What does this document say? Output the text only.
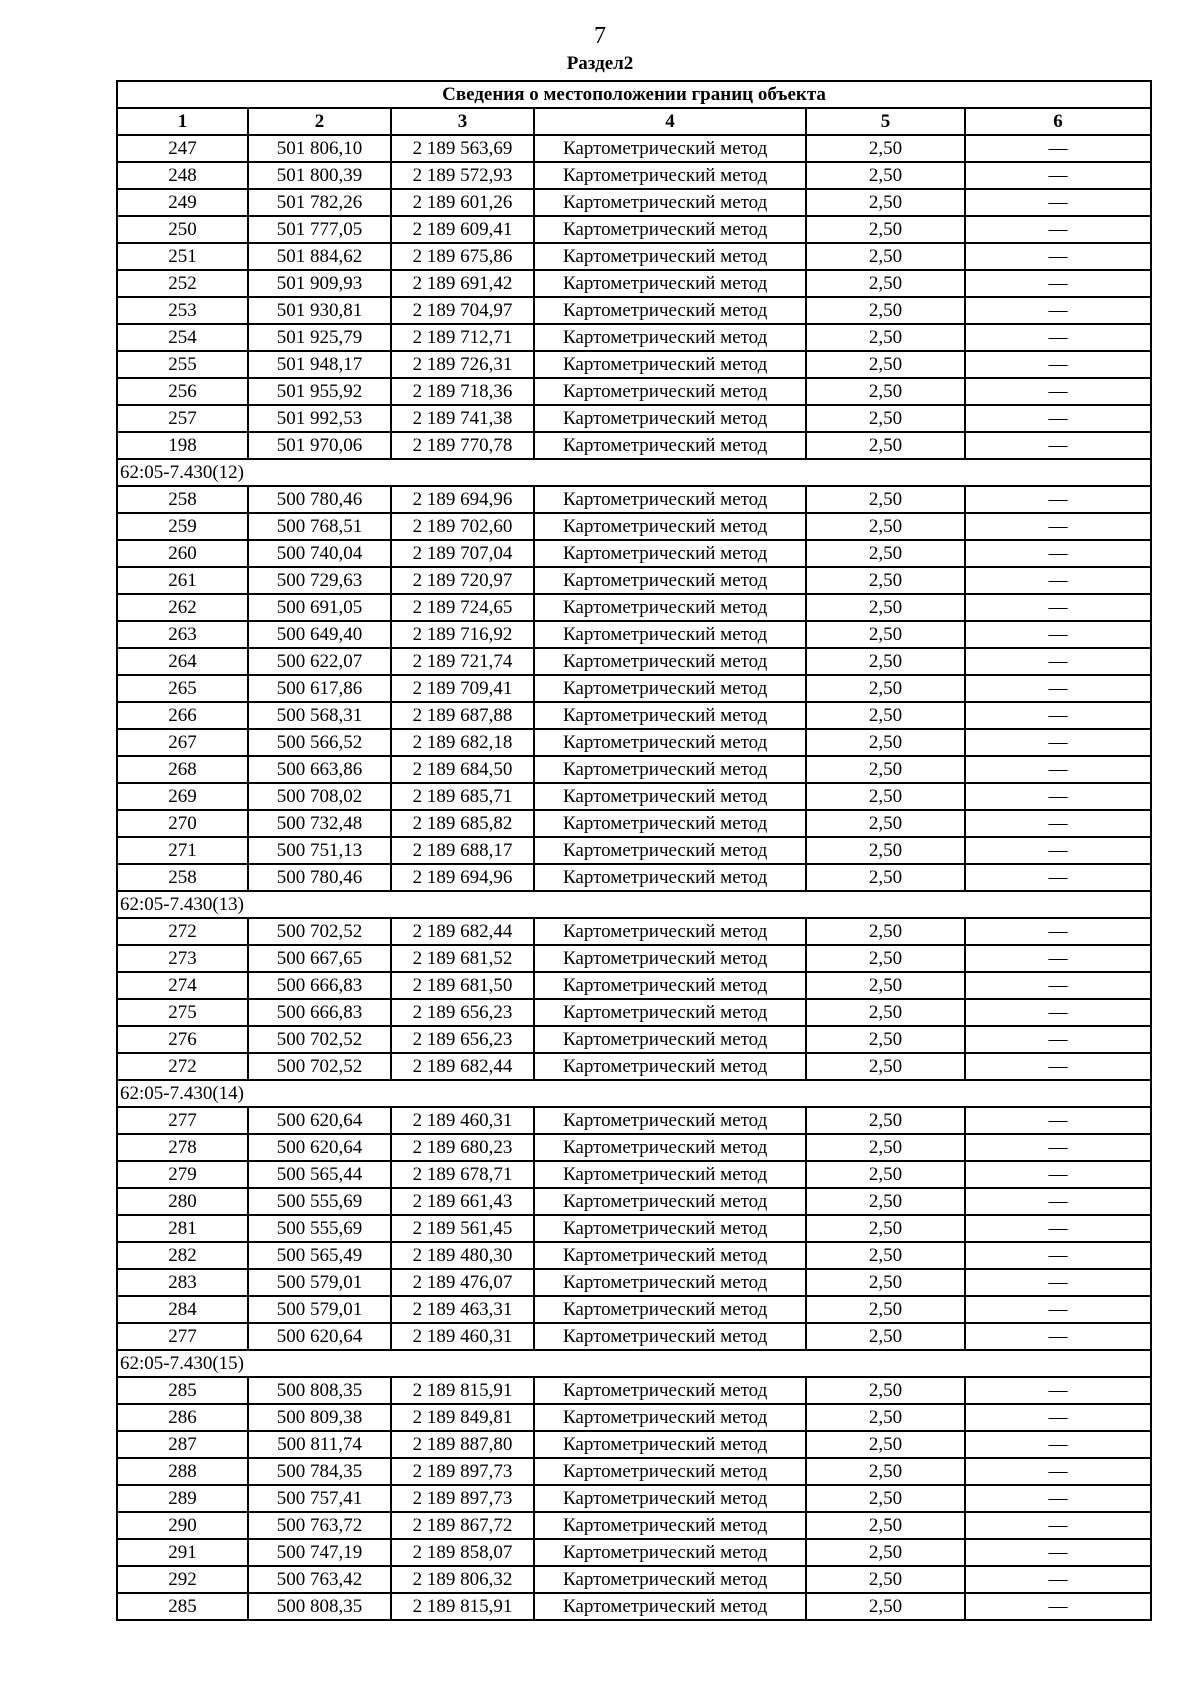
7
Раздел2
Сведения о местоположении границ объекта					
1	2	3	4	5	6
247	501 806,10	2 189 563,69	Картометрический метод	2,50	—
248	501 800,39	2 189 572,93	Картометрический метод	2,50	—
249	501 782,26	2 189 601,26	Картометрический метод	2,50	—
250	501 777,05	2 189 609,41	Картометрический метод	2,50	—
251	501 884,62	2 189 675,86	Картометрический метод	2,50	—
252	501 909,93	2 189 691,42	Картометрический метод	2,50	—
253	501 930,81	2 189 704,97	Картометрический метод	2,50	—
254	501 925,79	2 189 712,71	Картометрический метод	2,50	—
255	501 948,17	2 189 726,31	Картометрический метод	2,50	—
256	501 955,92	2 189 718,36	Картометрический метод	2,50	—
257	501 992,53	2 189 741,38	Картометрический метод	2,50	—
198	501 970,06	2 189 770,78	Картометрический метод	2,50	—
62:05-7.430(12)					
258	500 780,46	2 189 694,96	Картометрический метод	2,50	—
259	500 768,51	2 189 702,60	Картометрический метод	2,50	—
260	500 740,04	2 189 707,04	Картометрический метод	2,50	—
261	500 729,63	2 189 720,97	Картометрический метод	2,50	—
262	500 691,05	2 189 724,65	Картометрический метод	2,50	—
263	500 649,40	2 189 716,92	Картометрический метод	2,50	—
264	500 622,07	2 189 721,74	Картометрический метод	2,50	—
265	500 617,86	2 189 709,41	Картометрический метод	2,50	—
266	500 568,31	2 189 687,88	Картометрический метод	2,50	—
267	500 566,52	2 189 682,18	Картометрический метод	2,50	—
268	500 663,86	2 189 684,50	Картометрический метод	2,50	—
269	500 708,02	2 189 685,71	Картометрический метод	2,50	—
270	500 732,48	2 189 685,82	Картометрический метод	2,50	—
271	500 751,13	2 189 688,17	Картометрический метод	2,50	—
258	500 780,46	2 189 694,96	Картометрический метод	2,50	—
62:05-7.430(13)					
272	500 702,52	2 189 682,44	Картометрический метод	2,50	—
273	500 667,65	2 189 681,52	Картометрический метод	2,50	—
274	500 666,83	2 189 681,50	Картометрический метод	2,50	—
275	500 666,83	2 189 656,23	Картометрический метод	2,50	—
276	500 702,52	2 189 656,23	Картометрический метод	2,50	—
272	500 702,52	2 189 682,44	Картометрический метод	2,50	—
62:05-7.430(14)					
277	500 620,64	2 189 460,31	Картометрический метод	2,50	—
278	500 620,64	2 189 680,23	Картометрический метод	2,50	—
279	500 565,44	2 189 678,71	Картометрический метод	2,50	—
280	500 555,69	2 189 661,43	Картометрический метод	2,50	—
281	500 555,69	2 189 561,45	Картометрический метод	2,50	—
282	500 565,49	2 189 480,30	Картометрический метод	2,50	—
283	500 579,01	2 189 476,07	Картометрический метод	2,50	—
284	500 579,01	2 189 463,31	Картометрический метод	2,50	—
277	500 620,64	2 189 460,31	Картометрический метод	2,50	—
62:05-7.430(15)					
285	500 808,35	2 189 815,91	Картометрический метод	2,50	—
286	500 809,38	2 189 849,81	Картометрический метод	2,50	—
287	500 811,74	2 189 887,80	Картометрический метод	2,50	—
288	500 784,35	2 189 897,73	Картометрический метод	2,50	—
289	500 757,41	2 189 897,73	Картометрический метод	2,50	—
290	500 763,72	2 189 867,72	Картометрический метод	2,50	—
291	500 747,19	2 189 858,07	Картометрический метод	2,50	—
292	500 763,42	2 189 806,32	Картометрический метод	2,50	—
285	500 808,35	2 189 815,91	Картометрический метод	2,50	—
